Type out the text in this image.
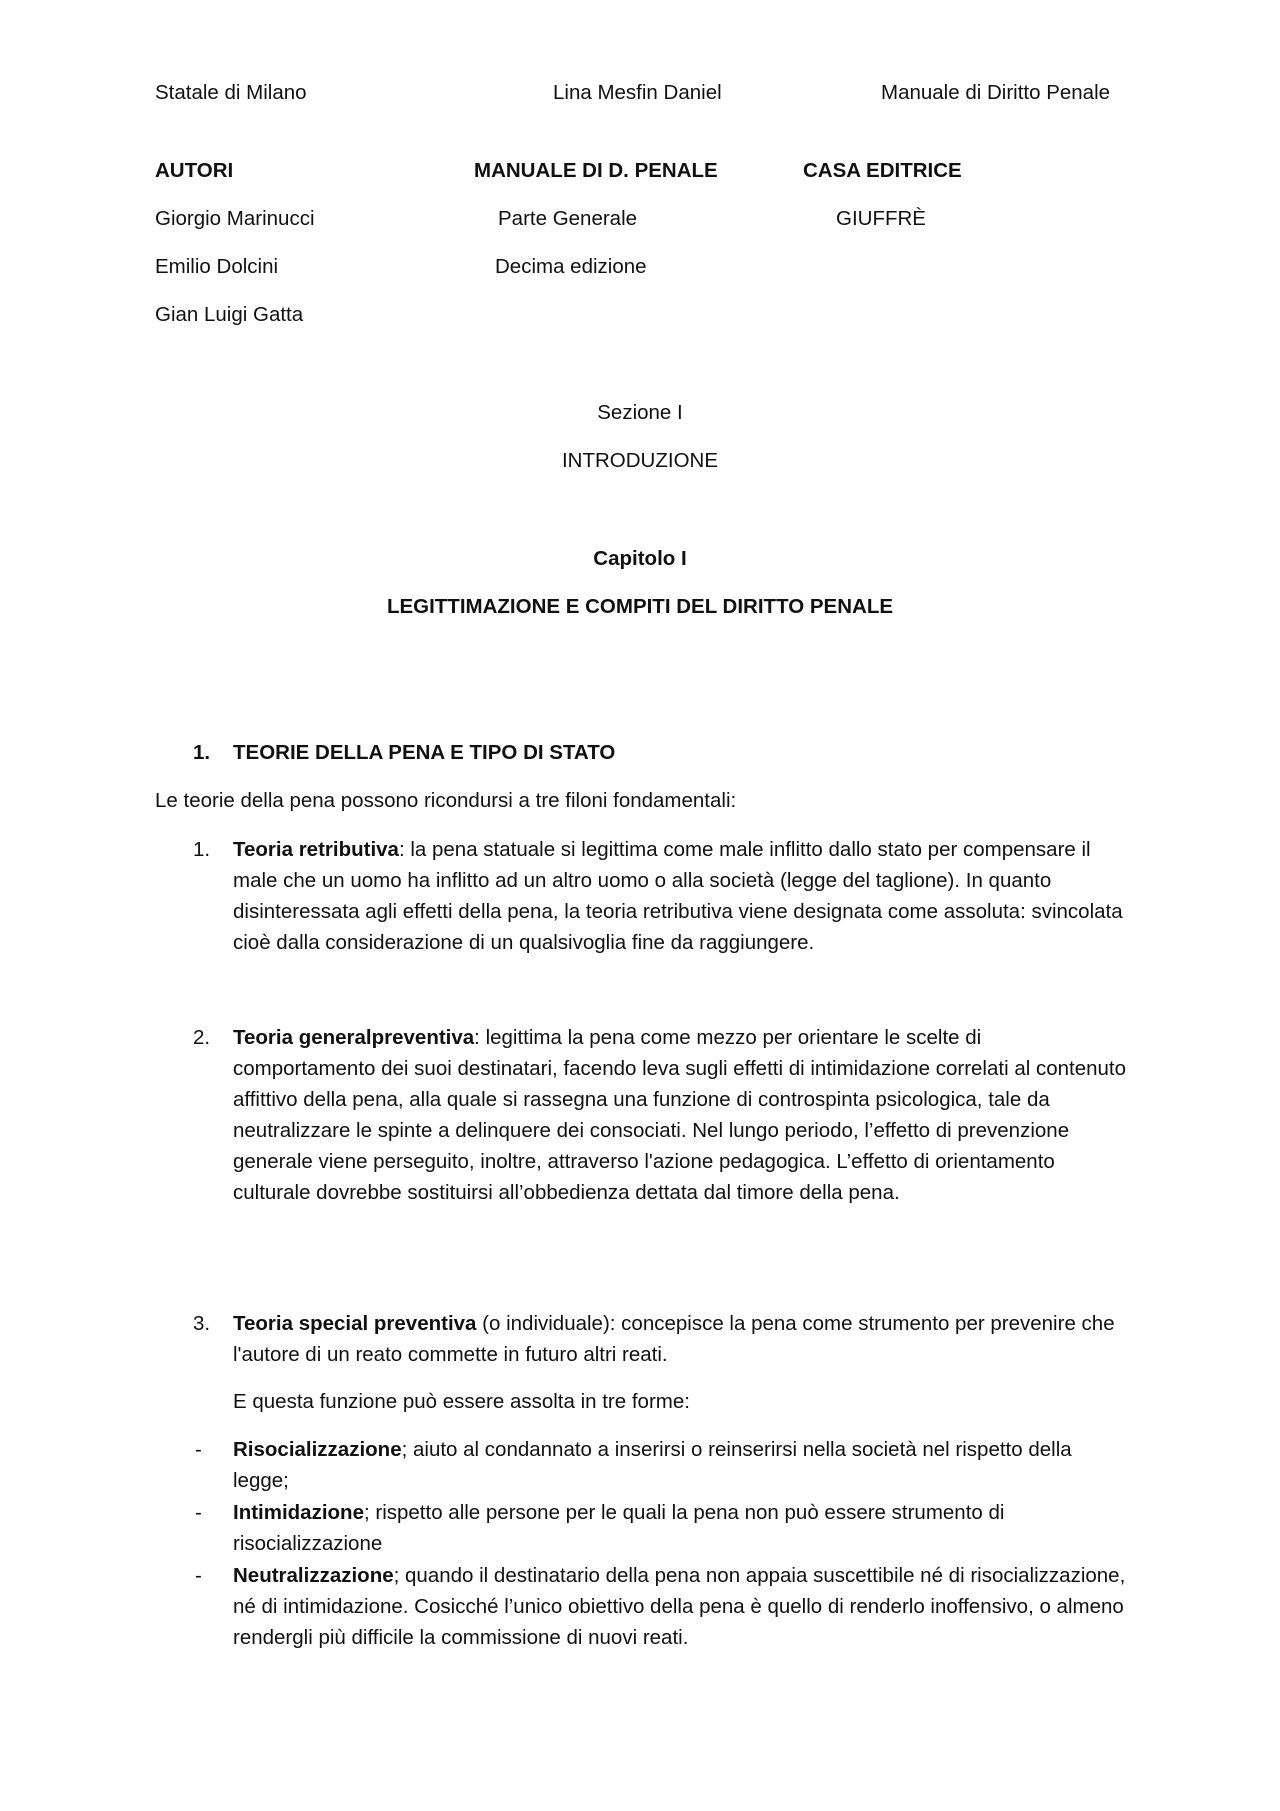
Statale di Milano	Lina Mesfin Daniel	Manuale di Diritto Penale
AUTORI
Giorgio Marinucci
Emilio Dolcini
Gian Luigi Gatta
MANUALE DI D. PENALE
Parte Generale
Decima edizione
CASA EDITRICE
GIUFFRÈ
Sezione I
INTRODUZIONE
Capitolo I
LEGITTIMAZIONE E COMPITI DEL DIRITTO PENALE
1. TEORIE DELLA PENA E TIPO DI STATO
Le teorie della pena possono ricondursi a tre filoni fondamentali:
1. Teoria retributiva: la pena statuale si legittima come male inflitto dallo stato per compensare il male che un uomo ha inflitto ad un altro uomo o alla società (legge del taglione). In quanto disinteressata agli effetti della pena, la teoria retributiva viene designata come assoluta: svincolata cioè dalla considerazione di un qualsivoglia fine da raggiungere.
2. Teoria generalpreventiva: legittima la pena come mezzo per orientare le scelte di comportamento dei suoi destinatari, facendo leva sugli effetti di intimidazione correlati al contenuto affittivo della pena, alla quale si rassegna una funzione di controspinta psicologica, tale da neutralizzare le spinte a delinquere dei consociati. Nel lungo periodo, l’effetto di prevenzione generale viene perseguito, inoltre, attraverso l'azione pedagogica. L’effetto di orientamento culturale dovrebbe sostituirsi all’obbedienza dettata dal timore della pena.
3. Teoria special preventiva (o individuale): concepisce la pena come strumento per prevenire che l'autore di un reato commette in futuro altri reati.
E questa funzione può essere assolta in tre forme:
- Risocializzazione; aiuto al condannato a inserirsi o reinserirsi nella società nel rispetto della legge;
- Intimidazione; rispetto alle persone per le quali la pena non può essere strumento di risocializzazione
- Neutralizzazione; quando il destinatario della pena non appaia suscettibile né di risocializzazione, né di intimidazione. Cosicché l’unico obiettivo della pena è quello di renderlo inoffensivo, o almeno rendergli più difficile la commissione di nuovi reati.
